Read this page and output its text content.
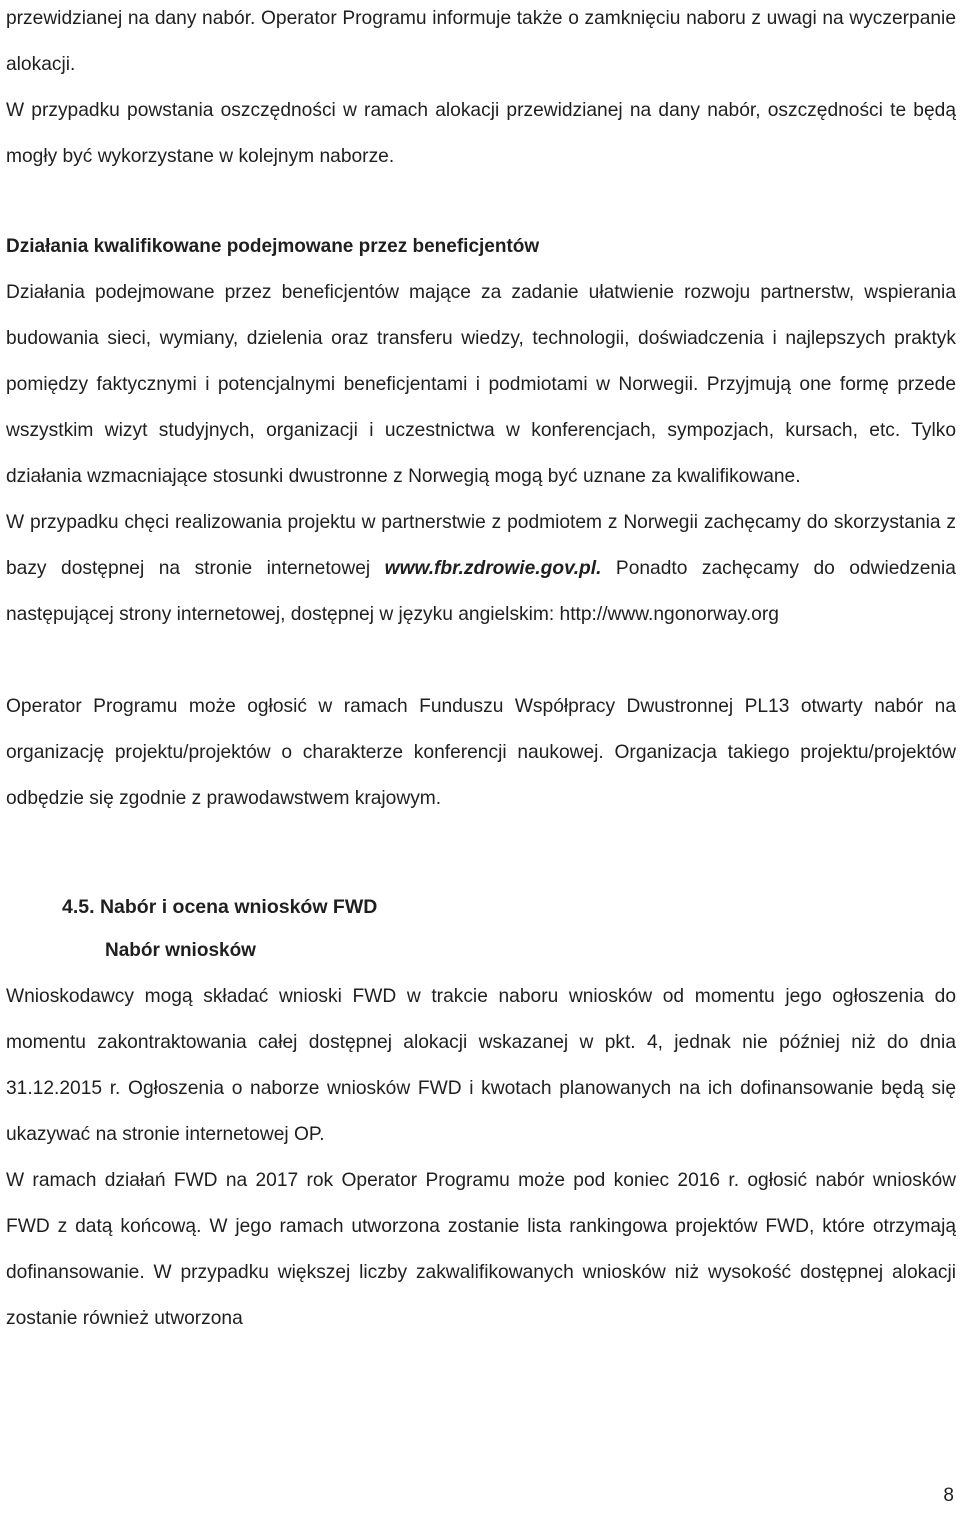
przewidzianej na dany nabór. Operator Programu informuje także o zamknięciu naboru z uwagi na wyczerpanie alokacji.

W przypadku powstania oszczędności w ramach alokacji przewidzianej na dany nabór, oszczędności te będą mogły być wykorzystane w kolejnym naborze.

Działania kwalifikowane podejmowane przez beneficjentów

Działania podejmowane przez beneficjentów mające za zadanie ułatwienie rozwoju partnerstw, wspierania budowania sieci, wymiany, dzielenia oraz transferu wiedzy, technologii, doświadczenia i najlepszych praktyk pomiędzy faktycznymi i potencjalnymi beneficjentami i podmiotami w Norwegii. Przyjmują one formę przede wszystkim wizyt studyjnych, organizacji i uczestnictwa w konferencjach, sympozjach, kursach, etc. Tylko działania wzmacniające stosunki dwustronne z Norwegią mogą być uznane za kwalifikowane.

W przypadku chęci realizowania projektu w partnerstwie z podmiotem z Norwegii zachęcamy do skorzystania z bazy dostępnej na stronie internetowej www.fbr.zdrowie.gov.pl. Ponadto zachęcamy do odwiedzenia następującej strony internetowej, dostępnej w języku angielskim: http://www.ngonorway.org

Operator Programu może ogłosić w ramach Funduszu Współpracy Dwustronnej PL13 otwarty nabór na organizację projektu/projektów o charakterze konferencji naukowej. Organizacja takiego projektu/projektów odbędzie się zgodnie z prawodawstwem krajowym.

4.5. Nabór i ocena wniosków FWD

Nabór wniosków

Wnioskodawcy mogą składać wnioski FWD w trakcie naboru wniosków od momentu jego ogłoszenia do momentu zakontraktowania całej dostępnej alokacji wskazanej w pkt. 4, jednak nie później niż do dnia 31.12.2015 r. Ogłoszenia o naborze wniosków FWD i kwotach planowanych na ich dofinansowanie będą się ukazywać na stronie internetowej OP.

W ramach działań FWD na 2017 rok Operator Programu może pod koniec 2016 r. ogłosić nabór wniosków FWD z datą końcową. W jego ramach utworzona zostanie lista rankingowa projektów FWD, które otrzymają dofinansowanie. W przypadku większej liczby zakwalifikowanych wniosków niż wysokość dostępnej alokacji zostanie również utworzona

8
